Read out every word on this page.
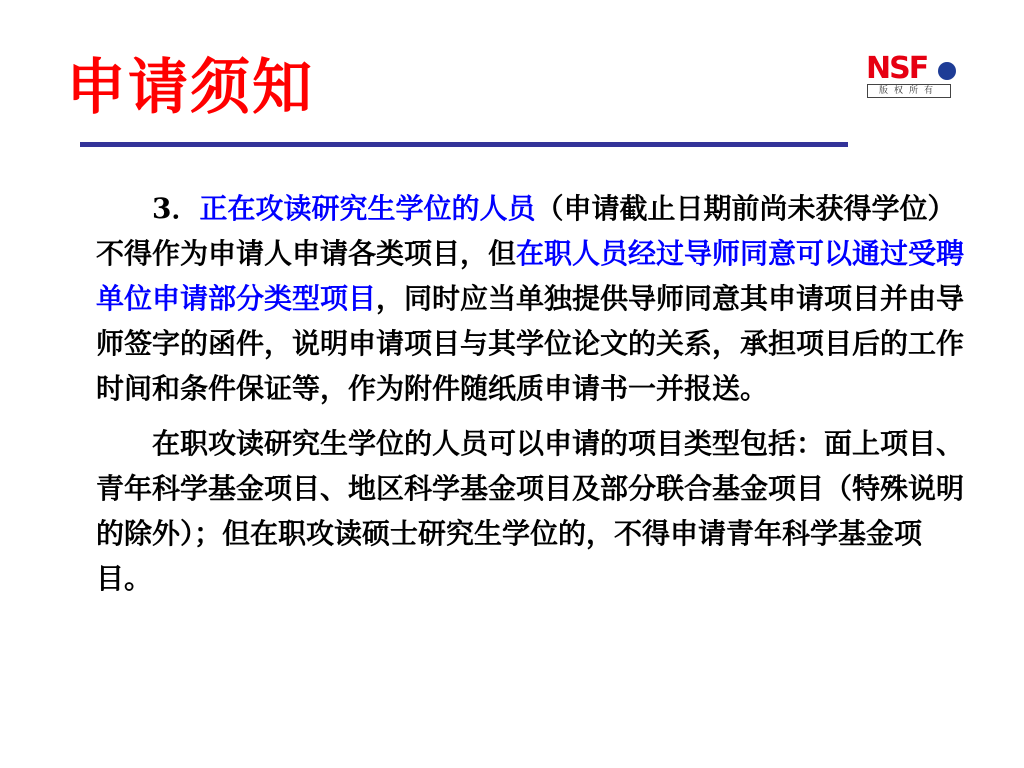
申请须知	NSF
版权所有

3．正在攻读研究生学位的人员（申请截止日期前尚未获得学位）不得作为申请人申请各类项目，但在职人员经过导师同意可以通过受聘单位申请部分类型项目，同时应当单独提供导师同意其申请项目并由导师签字的函件，说明申请项目与其学位论文的关系，承担项目后的工作时间和条件保证等，作为附件随纸质申请书一并报送。

在职攻读研究生学位的人员可以申请的项目类型包括：面上项目、青年科学基金项目、地区科学基金项目及部分联合基金项目（特殊说明的除外）；但在职攻读硕士研究生学位的，不得申请青年科学基金项目。
